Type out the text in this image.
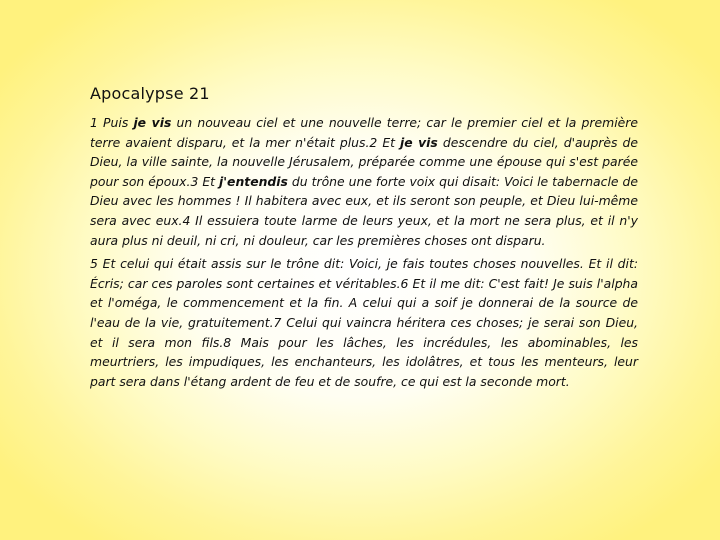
Apocalypse 21

1 Puis je vis un nouveau ciel et une nouvelle terre; car le premier ciel et la première terre avaient disparu, et la mer n'était plus.2 Et je vis descendre du ciel, d'auprès de Dieu, la ville sainte, la nouvelle Jérusalem, préparée comme une épouse qui s'est parée pour son époux.3 Et j'entendis du trône une forte voix qui disait: Voici le tabernacle de Dieu avec les hommes ! Il habitera avec eux, et ils seront son peuple, et Dieu lui-même sera avec eux.4 Il essuiera toute larme de leurs yeux, et la mort ne sera plus, et il n'y aura plus ni deuil, ni cri, ni douleur, car les premières choses ont disparu.

5 Et celui qui était assis sur le trône dit: Voici, je fais toutes choses nouvelles. Et il dit: Écris; car ces paroles sont certaines et véritables.6 Et il me dit: C'est fait! Je suis l'alpha et l'oméga, le commencement et la fin. A celui qui a soif je donnerai de la source de l'eau de la vie, gratuitement.7 Celui qui vaincra héritera ces choses; je serai son Dieu, et il sera mon fils.8 Mais pour les lâches, les incrédules, les abominables, les meurtriers, les impudiques, les enchanteurs, les idolâtres, et tous les menteurs, leur part sera dans l'étang ardent de feu et de soufre, ce qui est la seconde mort.
